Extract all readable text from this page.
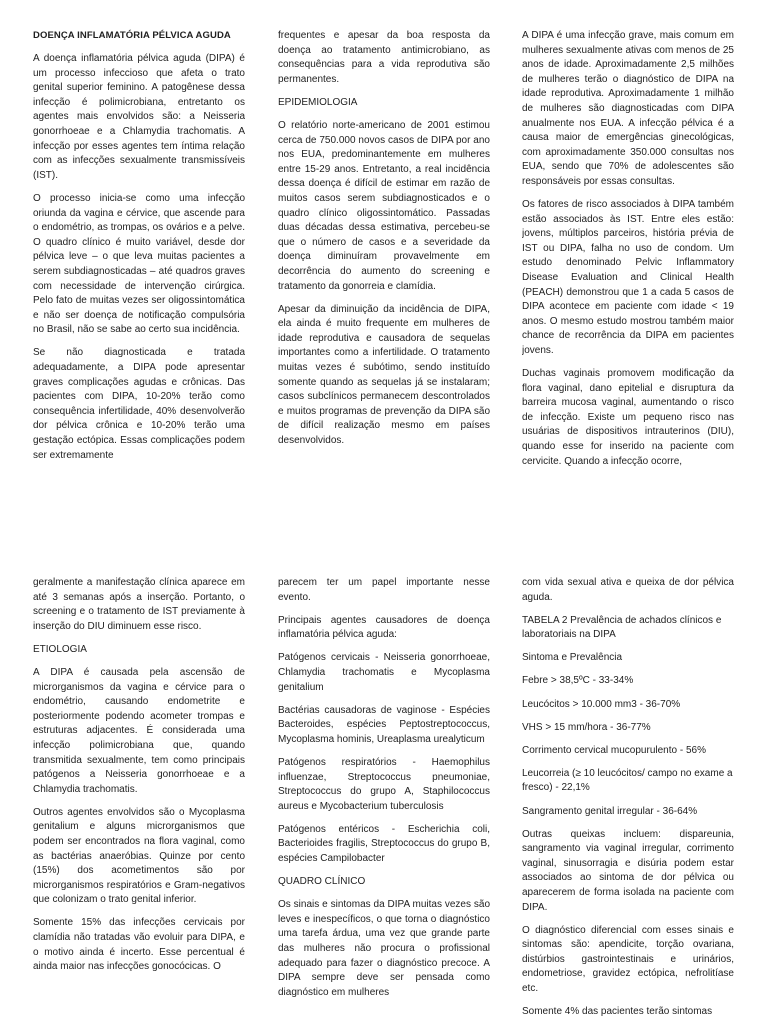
DOENÇA INFLAMATÓRIA PÉLVICA AGUDA

A doença inflamatória pélvica aguda (DIPA) é um processo infeccioso que afeta o trato genital superior feminino. A patogênese dessa infecção é polimicrobiana, entretanto os agentes mais envolvidos são: a Neisseria gonorrhoeae e a Chlamydia trachomatis. A infecção por esses agentes tem íntima relação com as infecções sexualmente transmissíveis (IST).

O processo inicia-se como uma infecção oriunda da vagina e cérvice, que ascende para o endométrio, as trompas, os ovários e a pelve. O quadro clínico é muito variável, desde dor pélvica leve – o que leva muitas pacientes a serem subdiagnosticadas – até quadros graves com necessidade de intervenção cirúrgica. Pelo fato de muitas vezes ser oligossintomática e não ser doença de notificação compulsória no Brasil, não se sabe ao certo sua incidência.

Se não diagnosticada e tratada adequadamente, a DIPA pode apresentar graves complicações agudas e crônicas. Das pacientes com DIPA, 10-20% terão como consequência infertilidade, 40% desenvolverão dor pélvica crônica e 10-20% terão uma gestação ectópica. Essas complicações podem ser extremamente

frequentes e apesar da boa resposta da doença ao tratamento antimicrobiano, as consequências para a vida reprodutiva são permanentes.

EPIDEMIOLOGIA

O relatório norte-americano de 2001 estimou cerca de 750.000 novos casos de DIPA por ano nos EUA, predominantemente em mulheres entre 15-29 anos. Entretanto, a real incidência dessa doença é difícil de estimar em razão de muitos casos serem subdiagnosticados e o quadro clínico oligossintomático. Passadas duas décadas dessa estimativa, percebeu-se que o número de casos e a severidade da doença diminuíram provavelmente em decorrência do aumento do screening e tratamento da gonorreia e clamídia.

Apesar da diminuição da incidência de DIPA, ela ainda é muito frequente em mulheres de idade reprodutiva e causadora de sequelas importantes como a infertilidade. O tratamento muitas vezes é subótimo, sendo instituído somente quando as sequelas já se instalaram; casos subclínicos permanecem descontrolados e muitos programas de prevenção da DIPA são de difícil realização mesmo em países desenvolvidos.

A DIPA é uma infecção grave, mais comum em mulheres sexualmente ativas com menos de 25 anos de idade. Aproximadamente 2,5 milhões de mulheres terão o diagnóstico de DIPA na idade reprodutiva. Aproximadamente 1 milhão de mulheres são diagnosticadas com DIPA anualmente nos EUA. A infecção pélvica é a causa maior de emergências ginecológicas, com aproximadamente 350.000 consultas nos EUA, sendo que 70% de adolescentes são responsáveis por essas consultas.

Os fatores de risco associados à DIPA também estão associados às IST. Entre eles estão: jovens, múltiplos parceiros, história prévia de IST ou DIPA, falha no uso de condom. Um estudo denominado Pelvic Inflammatory Disease Evaluation and Clinical Health (PEACH) demonstrou que 1 a cada 5 casos de DIPA acontece em paciente com idade < 19 anos. O mesmo estudo mostrou também maior chance de recorrência da DIPA em pacientes jovens.

Duchas vaginais promovem modificação da flora vaginal, dano epitelial e disruptura da barreira mucosa vaginal, aumentando o risco de infecção. Existe um pequeno risco nas usuárias de dispositivos intrauterinos (DIU), quando esse for inserido na paciente com cervicite. Quando a infecção ocorre,

geralmente a manifestação clínica aparece em até 3 semanas após a inserção. Portanto, o screening e o tratamento de IST previamente à inserção do DIU diminuem esse risco.

ETIOLOGIA

A DIPA é causada pela ascensão de microrganismos da vagina e cérvice para o endométrio, causando endometrite e posteriormente podendo acometer trompas e estruturas adjacentes. É considerada uma infecção polimicrobiana que, quando transmitida sexualmente, tem como principais patógenos a Neisseria gonorrhoeae e a Chlamydia trachomatis.

Outros agentes envolvidos são o Mycoplasma genitalium e alguns microrganismos que podem ser encontrados na flora vaginal, como as bactérias anaeróbias. Quinze por cento (15%) dos acometimentos são por microrganismos respiratórios e Gram-negativos que colonizam o trato genital inferior.

Somente 15% das infecções cervicais por clamídia não tratadas vão evoluir para DIPA, e o motivo ainda é incerto. Esse percentual é ainda maior nas infecções gonocócicas. O

parecem ter um papel importante nesse evento.

Principais agentes causadores de doença inflamatória pélvica aguda:

Patógenos cervicais - Neisseria gonorrhoeae, Chlamydia trachomatis e Mycoplasma genitalium

Bactérias causadoras de vaginose - Espécies Bacteroides, espécies Peptostreptococcus, Mycoplasma hominis, Ureaplasma urealyticum

Patógenos respiratórios - Haemophilus influenzae, Streptococcus pneumoniae, Streptococcus do grupo A, Staphilococcus aureus e Mycobacterium tuberculosis

Patógenos entéricos - Escherichia coli, Bacterioides fragilis, Streptococcus do grupo B, espécies Campilobacter

QUADRO CLÍNICO

Os sinais e sintomas da DIPA muitas vezes são leves e inespecíficos, o que torna o diagnóstico uma tarefa árdua, uma vez que grande parte das mulheres não procura o profissional adequado para fazer o diagnóstico precoce. A DIPA sempre deve ser pensada como diagnóstico em mulheres

com vida sexual ativa e queixa de dor pélvica aguda.

TABELA 2 Prevalência de achados clínicos e laboratoriais na DIPA

Sintoma e Prevalência

Febre > 38,5ºC - 33-34%

Leucócitos > 10.000 mm3 - 36-70%

VHS > 15 mm/hora - 36-77%

Corrimento cervical mucopurulento - 56%

Leucorreia (≥ 10 leucócitos/ campo no exame a fresco) - 22,1%

Sangramento genital irregular - 36-64%

Outras queixas incluem: dispareunia, sangramento via vaginal irregular, corrimento vaginal, sinusorragia e disúria podem estar associados ao sintoma de dor pélvica ou aparecerem de forma isolada na paciente com DIPA.

O diagnóstico diferencial com esses sinais e sintomas são: apendicite, torção ovariana, distúrbios gastrointestinais e urinários, endometriose, gravidez ectópica, nefrolitíase etc.

Somente 4% das pacientes terão sintomas
